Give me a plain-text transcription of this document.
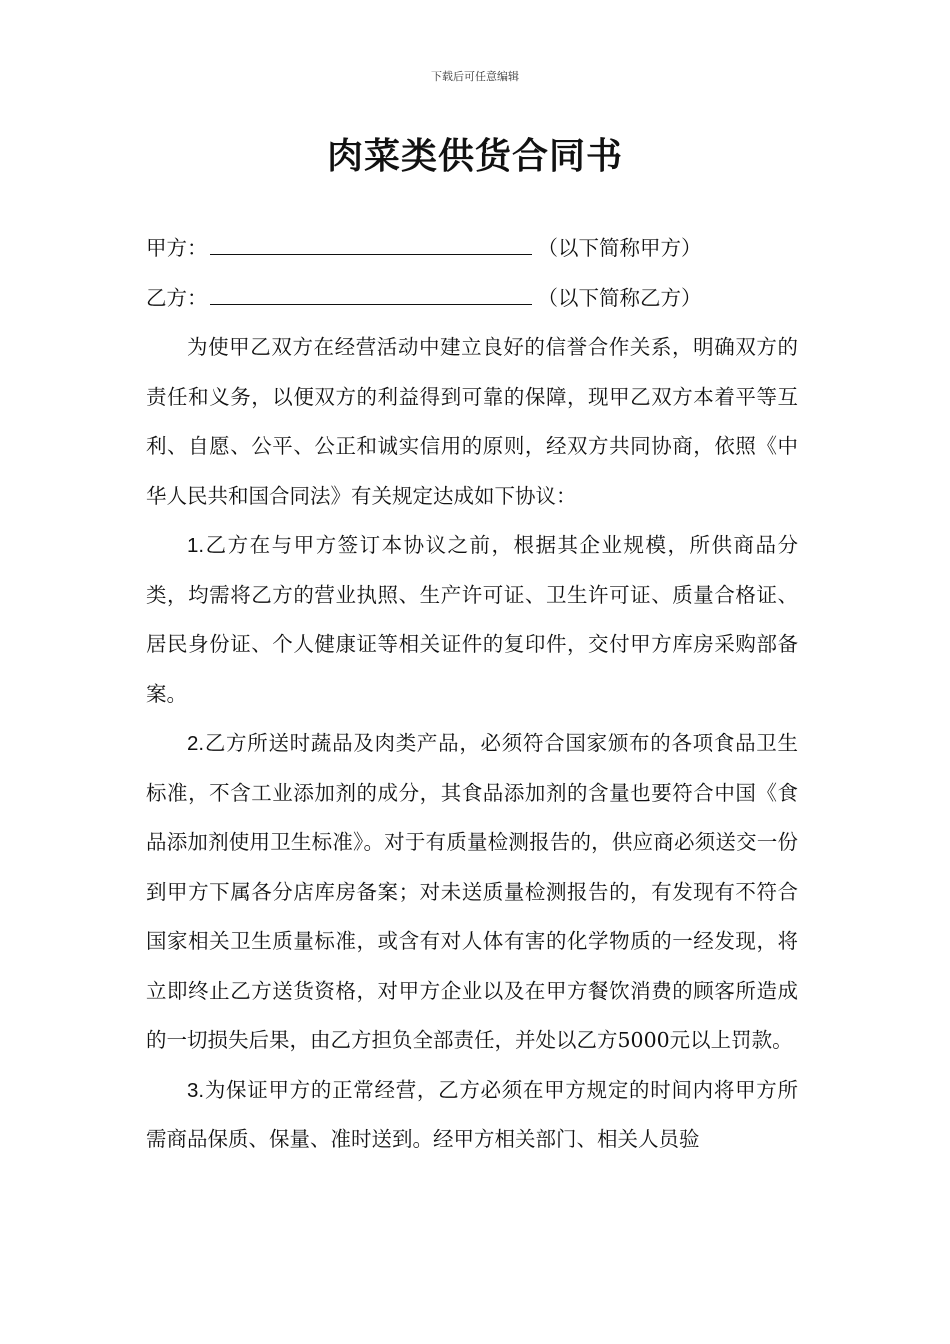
下载后可任意编辑
肉菜类供货合同书
甲方：	（以下简称甲方）
乙方：	（以下简称乙方）

为使甲乙双方在经营活动中建立良好的信誉合作关系，明确双方的责任和义务，以便双方的利益得到可靠的保障，现甲乙双方本着平等互利、自愿、公平、公正和诚实信用的原则，经双方共同协商，依照《中华人民共和国合同法》有关规定达成如下协议：

1.乙方在与甲方签订本协议之前，根据其企业规模，所供商品分类，均需将乙方的营业执照、生产许可证、卫生许可证、质量合格证、居民身份证、个人健康证等相关证件的复印件，交付甲方库房采购部备案。

2.乙方所送时蔬品及肉类产品，必须符合国家颁布的各项食品卫生标准，不含工业添加剂的成分，其食品添加剂的含量也要符合中国《食品添加剂使用卫生标准》。对于有质量检测报告的，供应商必须送交一份到甲方下属各分店库房备案；对未送质量检测报告的，有发现有不符合国家相关卫生质量标准，或含有对人体有害的化学物质的一经发现，将立即终止乙方送货资格，对甲方企业以及在甲方餐饮消费的顾客所造成的一切损失后果，由乙方担负全部责任，并处以乙方5000元以上罚款。

3.为保证甲方的正常经营，乙方必须在甲方规定的时间内将甲方所需商品保质、保量、准时送到。经甲方相关部门、相关人员验
